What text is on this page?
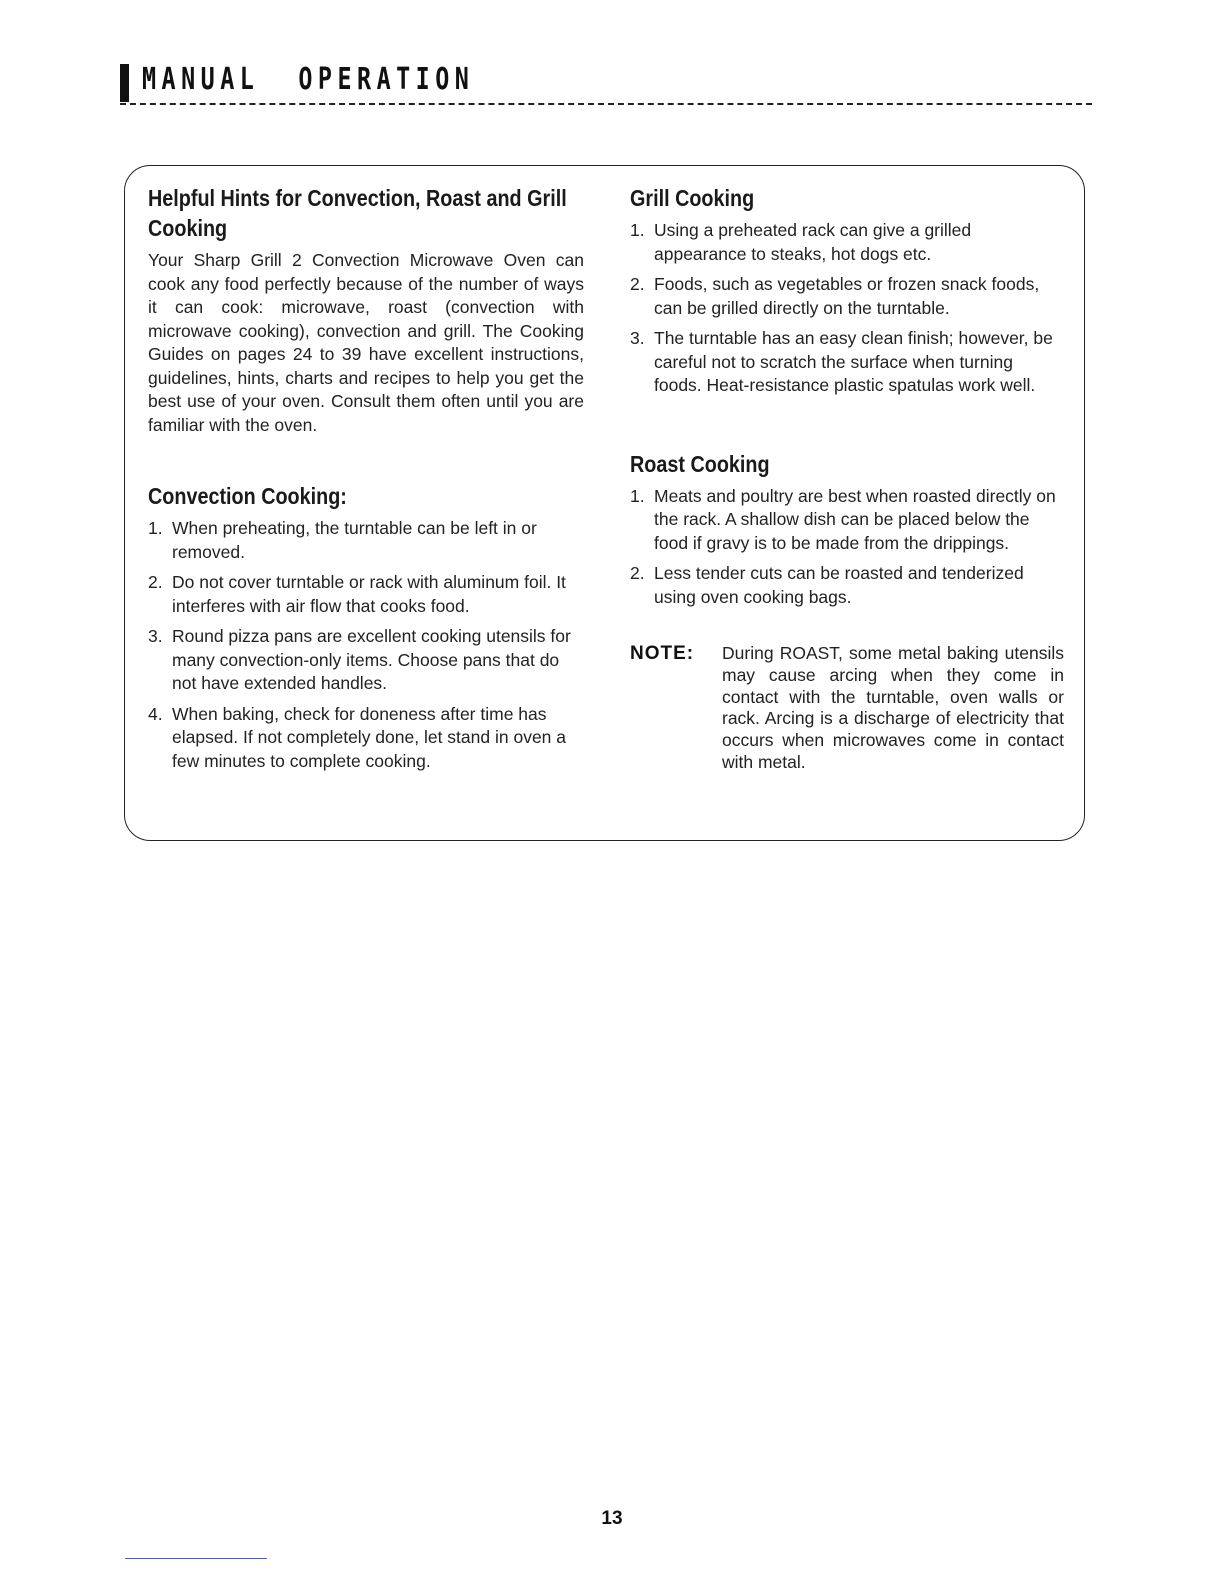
MANUAL  OPERATION
Helpful Hints for Convection, Roast and Grill Cooking

Your Sharp Grill 2 Convection Microwave Oven can cook any food perfectly because of the number of ways it can cook: microwave, roast (convection with microwave cooking), convection and grill. The Cooking Guides on pages 24 to 39 have excellent instructions, guidelines, hints, charts and recipes to help you get the best use of your oven. Consult them often until you are familiar with the oven.

Convection Cooking:
1. When preheating, the turntable can be left in or removed.
2. Do not cover turntable or rack with aluminum foil. It interferes with air flow that cooks food.
3. Round pizza pans are excellent cooking utensils for many convection-only items. Choose pans that do not have extended handles.
4. When baking, check for doneness after time has elapsed. If not completely done, let stand in oven a few minutes to complete cooking.
Grill Cooking
1. Using a preheated rack can give a grilled appearance to steaks, hot dogs etc.
2. Foods, such as vegetables or frozen snack foods, can be grilled directly on the turntable.
3. The turntable has an easy clean finish; however, be careful not to scratch the surface when turning foods. Heat-resistance plastic spatulas work well.
Roast Cooking
1. Meats and poultry are best when roasted directly on the rack. A shallow dish can be placed below the food if gravy is to be made from the drippings.
2. Less tender cuts can be roasted and tenderized using oven cooking bags.
NOTE: During ROAST, some metal baking utensils may cause arcing when they come in contact with the turntable, oven walls or rack. Arcing is a discharge of electricity that occurs when microwaves come in contact with metal.
13
